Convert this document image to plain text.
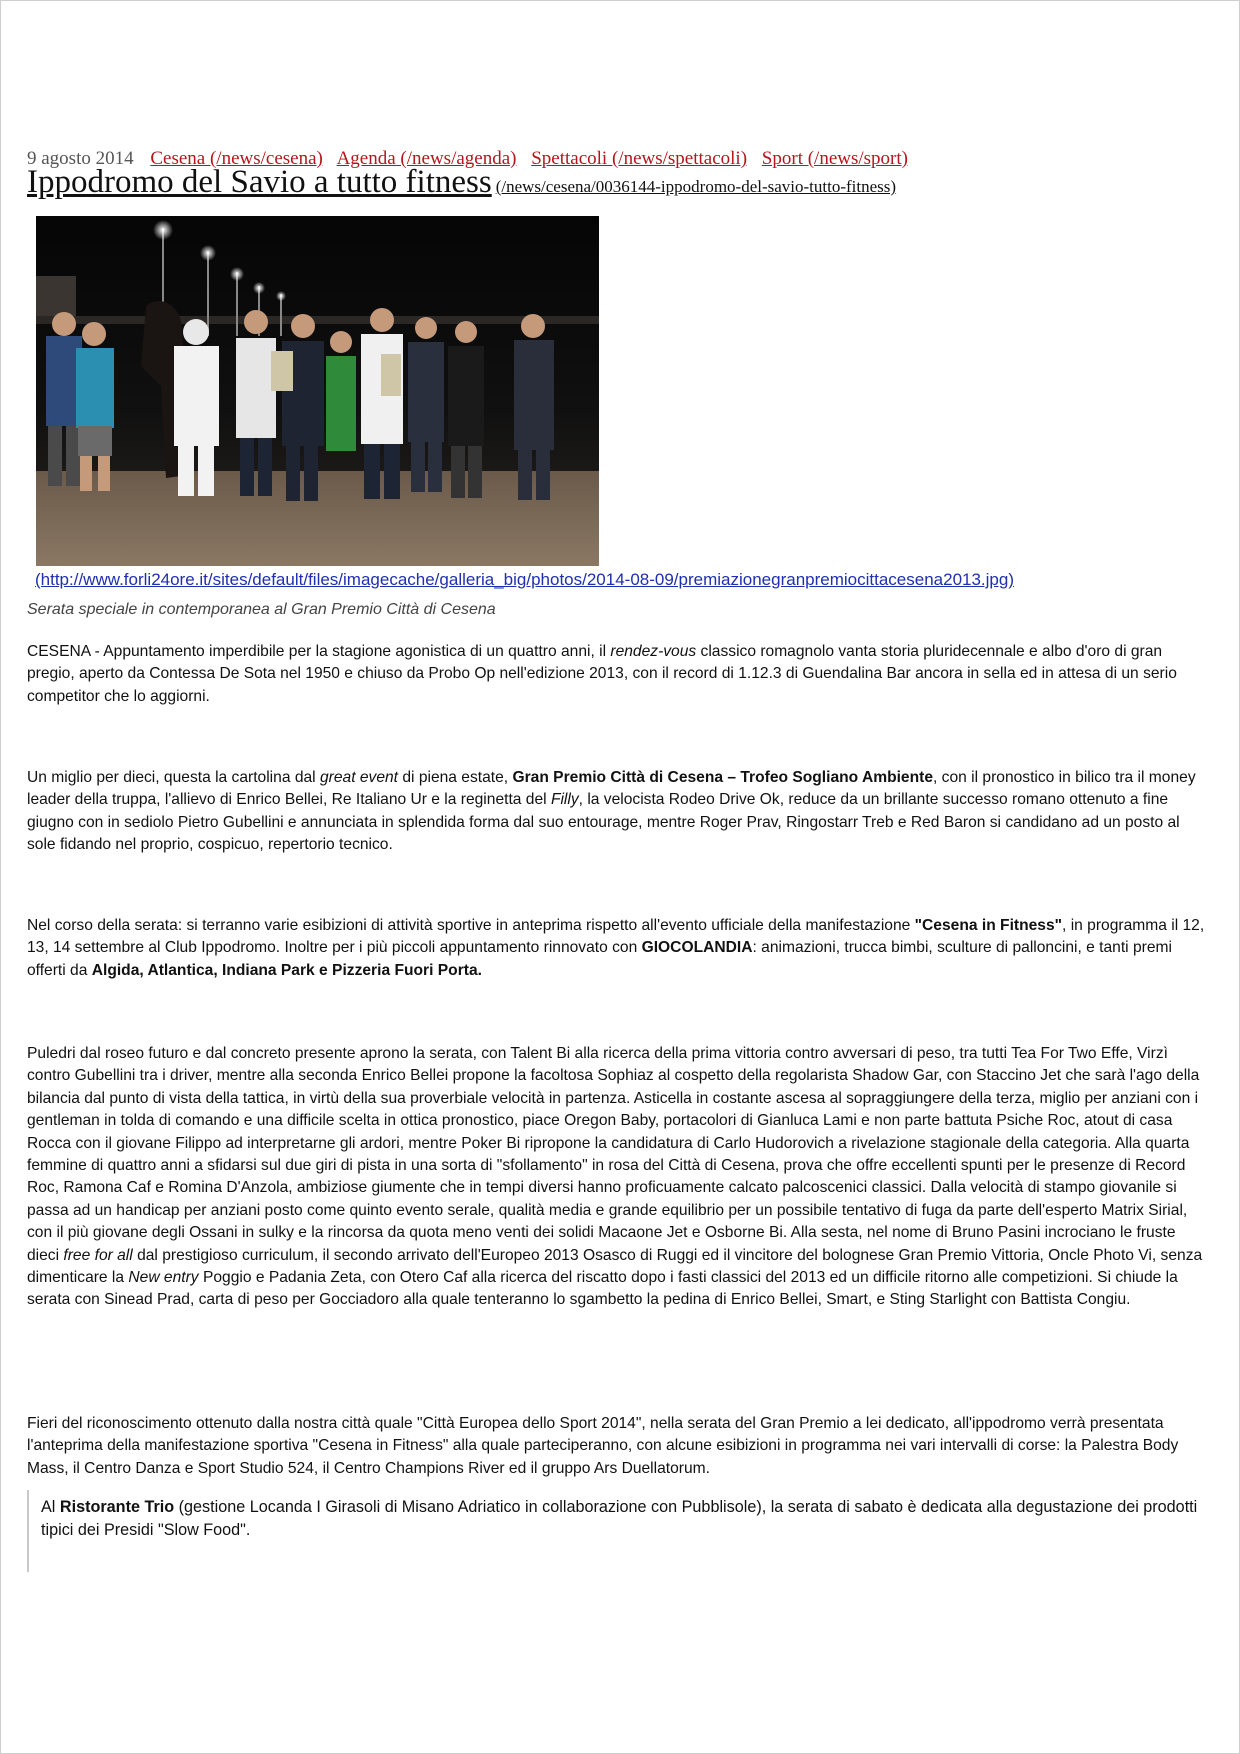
9 agosto 2014 Cesena (/news/cesena) Agenda (/news/agenda) Spettacoli (/news/spettacoli) Sport (/news/sport)
Ippodromo del Savio a tutto fitness (/news/cesena/0036144-ippodromo-del-savio-tutto-fitness)
(http://www.forli24ore.it/sites/default/files/imagecache/galleria_big/photos/2014-08-09/premiazionegranpremiocittacesena2013.jpg)
Serata speciale in contemporanea al Gran Premio Città di Cesena

CESENA - Appuntamento imperdibile per la stagione agonistica di un quattro anni, il rendez-vous classico romagnolo vanta storia pluridecennale e albo d'oro di gran pregio, aperto da Contessa De Sota nel 1950 e chiuso da Probo Op nell'edizione 2013, con il record di 1.12.3 di Guendalina Bar ancora in sella ed in attesa di un serio competitor che lo aggiorni.

Un miglio per dieci, questa la cartolina dal great event di piena estate, Gran Premio Città di Cesena – Trofeo Sogliano Ambiente, con il pronostico in bilico tra il money leader della truppa, l'allievo di Enrico Bellei, Re Italiano Ur e la reginetta del Filly, la velocista Rodeo Drive Ok, reduce da un brillante successo romano ottenuto a fine giugno con in sediolo Pietro Gubellini e annunciata in splendida forma dal suo entourage, mentre Roger Prav, Ringostarr Treb e Red Baron si candidano ad un posto al sole fidando nel proprio, cospicuo, repertorio tecnico.

Nel corso della serata: si terranno varie esibizioni di attività sportive in anteprima rispetto all'evento ufficiale della manifestazione "Cesena in Fitness", in programma il 12, 13, 14 settembre al Club Ippodromo. Inoltre per i più piccoli appuntamento rinnovato con GIOCOLANDIA: animazioni, trucca bimbi, sculture di palloncini, e tanti premi offerti da Algida, Atlantica, Indiana Park e Pizzeria Fuori Porta.

Puledri dal roseo futuro e dal concreto presente aprono la serata, con Talent Bi alla ricerca della prima vittoria contro avversari di peso, tra tutti Tea For Two Effe, Virzì contro Gubellini tra i driver, mentre alla seconda Enrico Bellei propone la facoltosa Sophiaz al cospetto della regolarista Shadow Gar, con Staccino Jet che sarà l'ago della bilancia dal punto di vista della tattica, in virtù della sua proverbiale velocità in partenza. Asticella in costante ascesa al sopraggiungere della terza, miglio per anziani con i gentleman in tolda di comando e una difficile scelta in ottica pronostico, piace Oregon Baby, portacolori di Gianluca Lami e non parte battuta Psiche Roc, atout di casa Rocca con il giovane Filippo ad interpretarne gli ardori, mentre Poker Bi ripropone la candidatura di Carlo Hudorovich a rivelazione stagionale della categoria. Alla quarta femmine di quattro anni a sfidarsi sul due giri di pista in una sorta di "sfollamento" in rosa del Città di Cesena, prova che offre eccellenti spunti per le presenze di Record Roc, Ramona Caf e Romina D'Anzola, ambiziose giumente che in tempi diversi hanno proficuamente calcato palcoscenici classici. Dalla velocità di stampo giovanile si passa ad un handicap per anziani posto come quinto evento serale, qualità media e grande equilibrio per un possibile tentativo di fuga da parte dell'esperto Matrix Sirial, con il più giovane degli Ossani in sulky e la rincorsa da quota meno venti dei solidi Macaone Jet e Osborne Bi. Alla sesta, nel nome di Bruno Pasini incrociano le fruste dieci free for all dal prestigioso curriculum, il secondo arrivato dell'Europeo 2013 Osasco di Ruggi ed il vincitore del bolognese Gran Premio Vittoria, Oncle Photo Vi, senza dimenticare la New entry Poggio e Padania Zeta, con Otero Caf alla ricerca del riscatto dopo i fasti classici del 2013 ed un difficile ritorno alle competizioni. Si chiude la serata con Sinead Prad, carta di peso per Gocciadoro alla quale tenteranno lo sgambetto la pedina di Enrico Bellei, Smart, e Sting Starlight con Battista Congiu.

Fieri del riconoscimento ottenuto dalla nostra città quale "Città Europea dello Sport 2014", nella serata del Gran Premio a lei dedicato, all'ippodromo verrà presentata l'anteprima della manifestazione sportiva "Cesena in Fitness" alla quale parteciperanno, con alcune esibizioni in programma nei vari intervalli di corse: la Palestra Body Mass, il Centro Danza e Sport Studio 524, il Centro Champions River ed il gruppo Ars Duellatorum.

Al Ristorante Trio (gestione Locanda I Girasoli di Misano Adriatico in collaborazione con Pubblisole), la serata di sabato è dedicata alla degustazione dei prodotti tipici dei Presidi "Slow Food".
